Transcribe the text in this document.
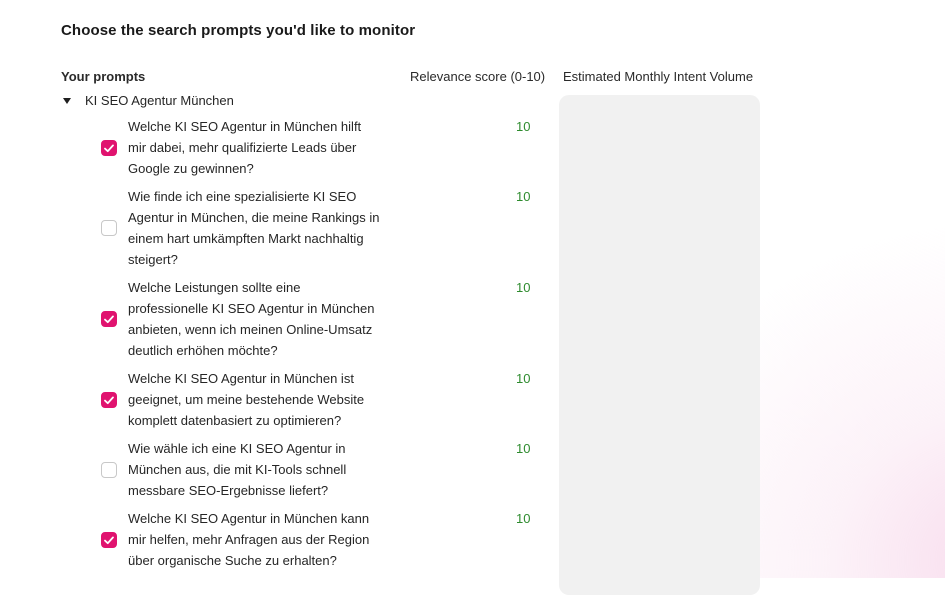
Choose the search prompts you'd like to monitor
Your prompts	Relevance score (0-10) Estimated Monthly Intent Volume
KI SEO Agentur München
Welche KI SEO Agentur in München hilft
mir dabei, mehr qualifizierte Leads über
Google zu gewinnen?
10
Wie finde ich eine spezialisierte KI SEO
Agentur in München, die meine Rankings in
einem hart umkämpften Markt nachhaltig
steigert?
10
Welche Leistungen sollte eine
professionelle KI SEO Agentur in München
anbieten, wenn ich meinen Online-Umsatz
deutlich erhöhen möchte?
10
Welche KI SEO Agentur in München ist
geeignet, um meine bestehende Website
komplett datenbasiert zu optimieren?
10
Wie wähle ich eine KI SEO Agentur in
München aus, die mit KI-Tools schnell
messbare SEO-Ergebnisse liefert?
10
Welche KI SEO Agentur in München kann
mir helfen, mehr Anfragen aus der Region
über organische Suche zu erhalten?
10
